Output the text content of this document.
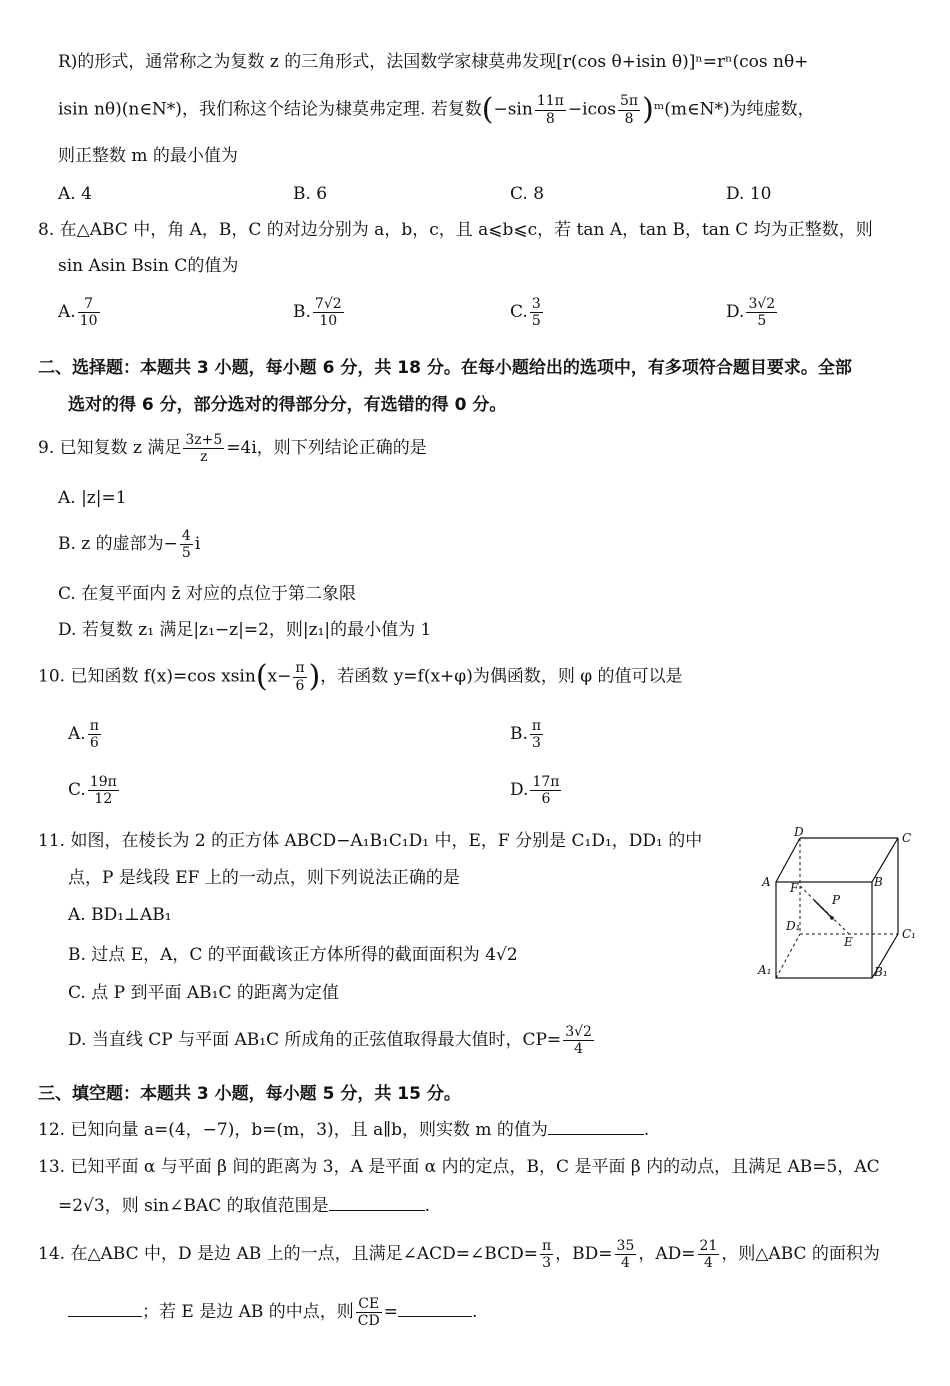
R)的形式，通常称之为复数 z 的三角形式，法国数学家棣莫弗发现[r(cos θ+isin θ)]ⁿ=rⁿ(cos nθ+
isin nθ)(n∈N*)，我们称这个结论为棣莫弗定理. 若复数($-\sin \frac{11\pi}{8} -icos \frac{5\pi}{8}$ )ᵐ(m∈N*)为纯虚数，
则正整数 m 的最小值为
A. 4	B. 6	C. 8	D. 10
8. 在△ABC 中，角 A，B，C 的对边分别为 a，b，c，且 a⩽b⩽c，若 tan A，tan B，tan C 均为正整数，则
sin Asin Bsin C的值为
A. $\frac{7}{10}$	B. $\frac{7√2}{10}$	C. $\frac{3}{5}$	D. $\frac{3√2}{5}$
二、选择题：本题共 3 小题，每小题 6 分，共 18 分。在每小题给出的选项中，有多项符合题目要求。全部
选对的得 6 分，部分选对的得部分分，有选错的得 0 分。
9. 已知复数 z 满足 $\frac{3z+5}{z} =4i$，则下列结论正确的是
A. |z|=1
B. z 的虚部为− $\frac{4}{5}$ i
C. 在复平面内 z̄ 对应的点位于第二象限
D. 若复数 z₁ 满足|z₁−z|=2，则|z₁|的最小值为 1
10. 已知函数 f(x)=cos $xsin(x- \frac{\pi}{6}$ )，若函数 y=f(x+φ)为偶函数，则 φ 的值可以是
A. $\frac{\pi}{6}$	B. $\frac{\pi}{3}$
C. $\frac{19\pi}{12}$	D. $\frac{17\pi}{6}$
11. 如图，在棱长为 2 的正方体 ABCD−A₁B₁C₁D₁ 中，E，F 分别是 C₁D₁，DD₁ 的中
点，P 是线段 EF 上的一动点，则下列说法正确的是
A. BD₁⊥AB₁
B. 过点 E，A，C 的平面截该正方体所得的截面面积为 4√2
C. 点 P 到平面 AB₁C 的距离为定值
D. 当直线 CP 与平面 AB₁C 所成角的正弦值取得最大值时，$CP= \frac{3√2}{4}$
D	C
A F	B
P
D₁
E
C₁
A₁	B₁
三、填空题：本题共 3 小题，每小题 5 分，共 15 分。
12. 已知向量 a=(4，−7)，b=(m，3)，且 a∥b，则实数 m 的值为	.
13. 已知平面 α 与平面 β 间的距离为 3，A 是平面 α 内的定点，B，C 是平面 β 内的动点，且满足 AB=5，AC
=2√3，则 sin∠BAC 的取值范围是	.
14. 在△ABC 中，D 是边 AB 上的一点，且满足∠ACD=∠BCD= $\frac{\pi}{3}$ ，$BD= \frac{35}{4}$ ，$AD= \frac{21}{4}$ ，则△ABC 的面积为
；若 E 是边 AB 的中点，则 $\frac{CE}{CD}$ =	.
